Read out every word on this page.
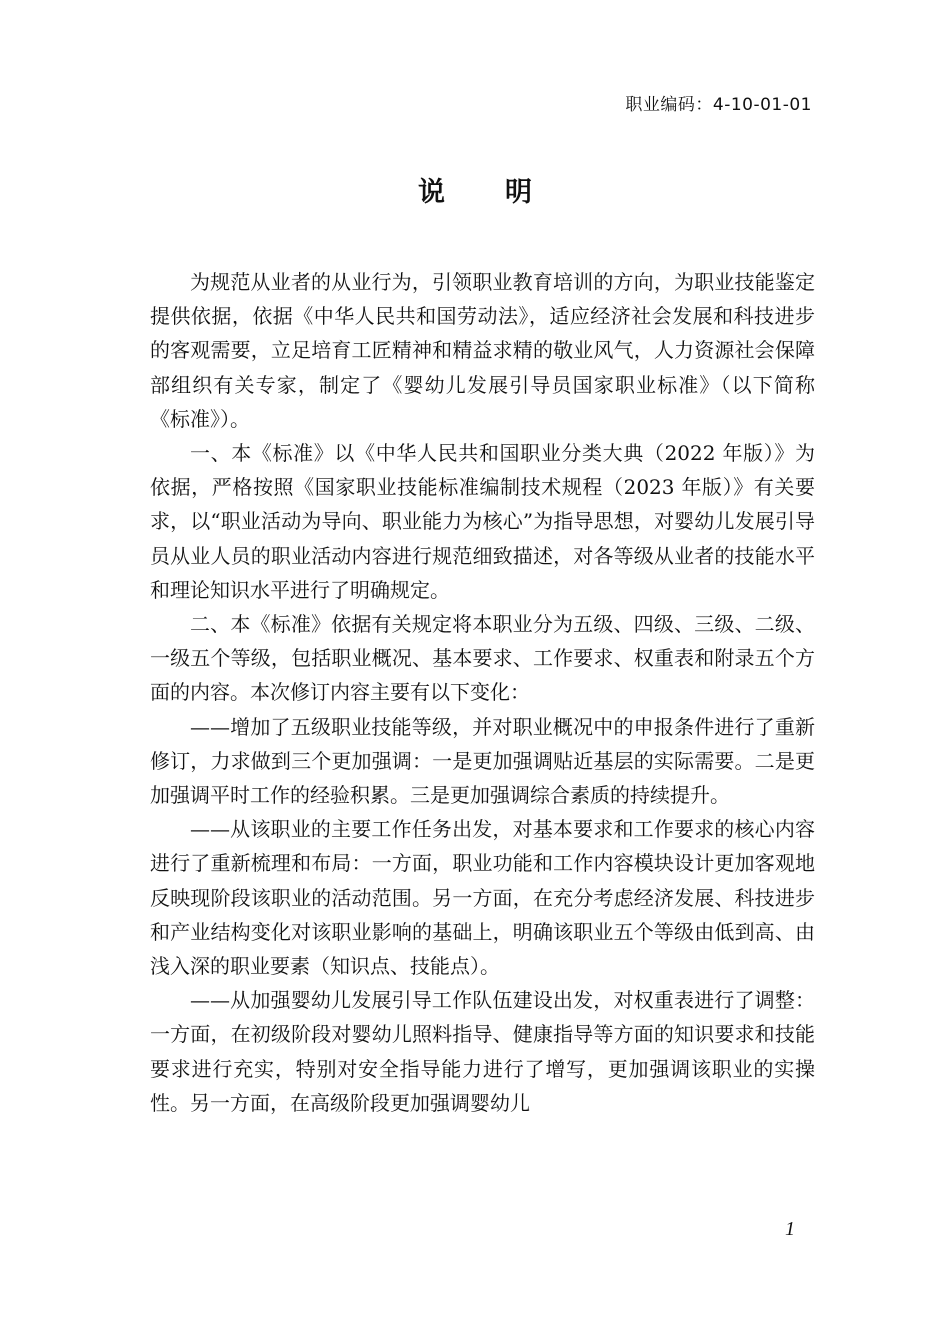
职业编码：4-10-01-01
说明

为规范从业者的从业行为，引领职业教育培训的方向，为职业技能鉴定提供依据，依据《中华人民共和国劳动法》，适应经济社会发展和科技进步的客观需要，立足培育工匠精神和精益求精的敬业风气，人力资源社会保障部组织有关专家，制定了《婴幼儿发展引导员国家职业标准》（以下简称《标准》）。

一、本《标准》以《中华人民共和国职业分类大典（2022 年版）》为依据，严格按照《国家职业技能标准编制技术规程（2023 年版）》有关要求，以“职业活动为导向、职业能力为核心”为指导思想，对婴幼儿发展引导员从业人员的职业活动内容进行规范细致描述，对各等级从业者的技能水平和理论知识水平进行了明确规定。

二、本《标准》依据有关规定将本职业分为五级、四级、三级、二级、一级五个等级，包括职业概况、基本要求、工作要求、权重表和附录五个方面的内容。本次修订内容主要有以下变化：

——增加了五级职业技能等级，并对职业概况中的申报条件进行了重新修订，力求做到三个更加强调：一是更加强调贴近基层的实际需要。二是更加强调平时工作的经验积累。三是更加强调综合素质的持续提升。

——从该职业的主要工作任务出发，对基本要求和工作要求的核心内容进行了重新梳理和布局：一方面，职业功能和工作内容模块设计更加客观地反映现阶段该职业的活动范围。另一方面，在充分考虑经济发展、科技进步和产业结构变化对该职业影响的基础上，明确该职业五个等级由低到高、由浅入深的职业要素（知识点、技能点）。

——从加强婴幼儿发展引导工作队伍建设出发，对权重表进行了调整：一方面，在初级阶段对婴幼儿照料指导、健康指导等方面的知识要求和技能要求进行充实，特别对安全指导能力进行了增写，更加强调该职业的实操性。另一方面，在高级阶段更加强调婴幼儿

1
